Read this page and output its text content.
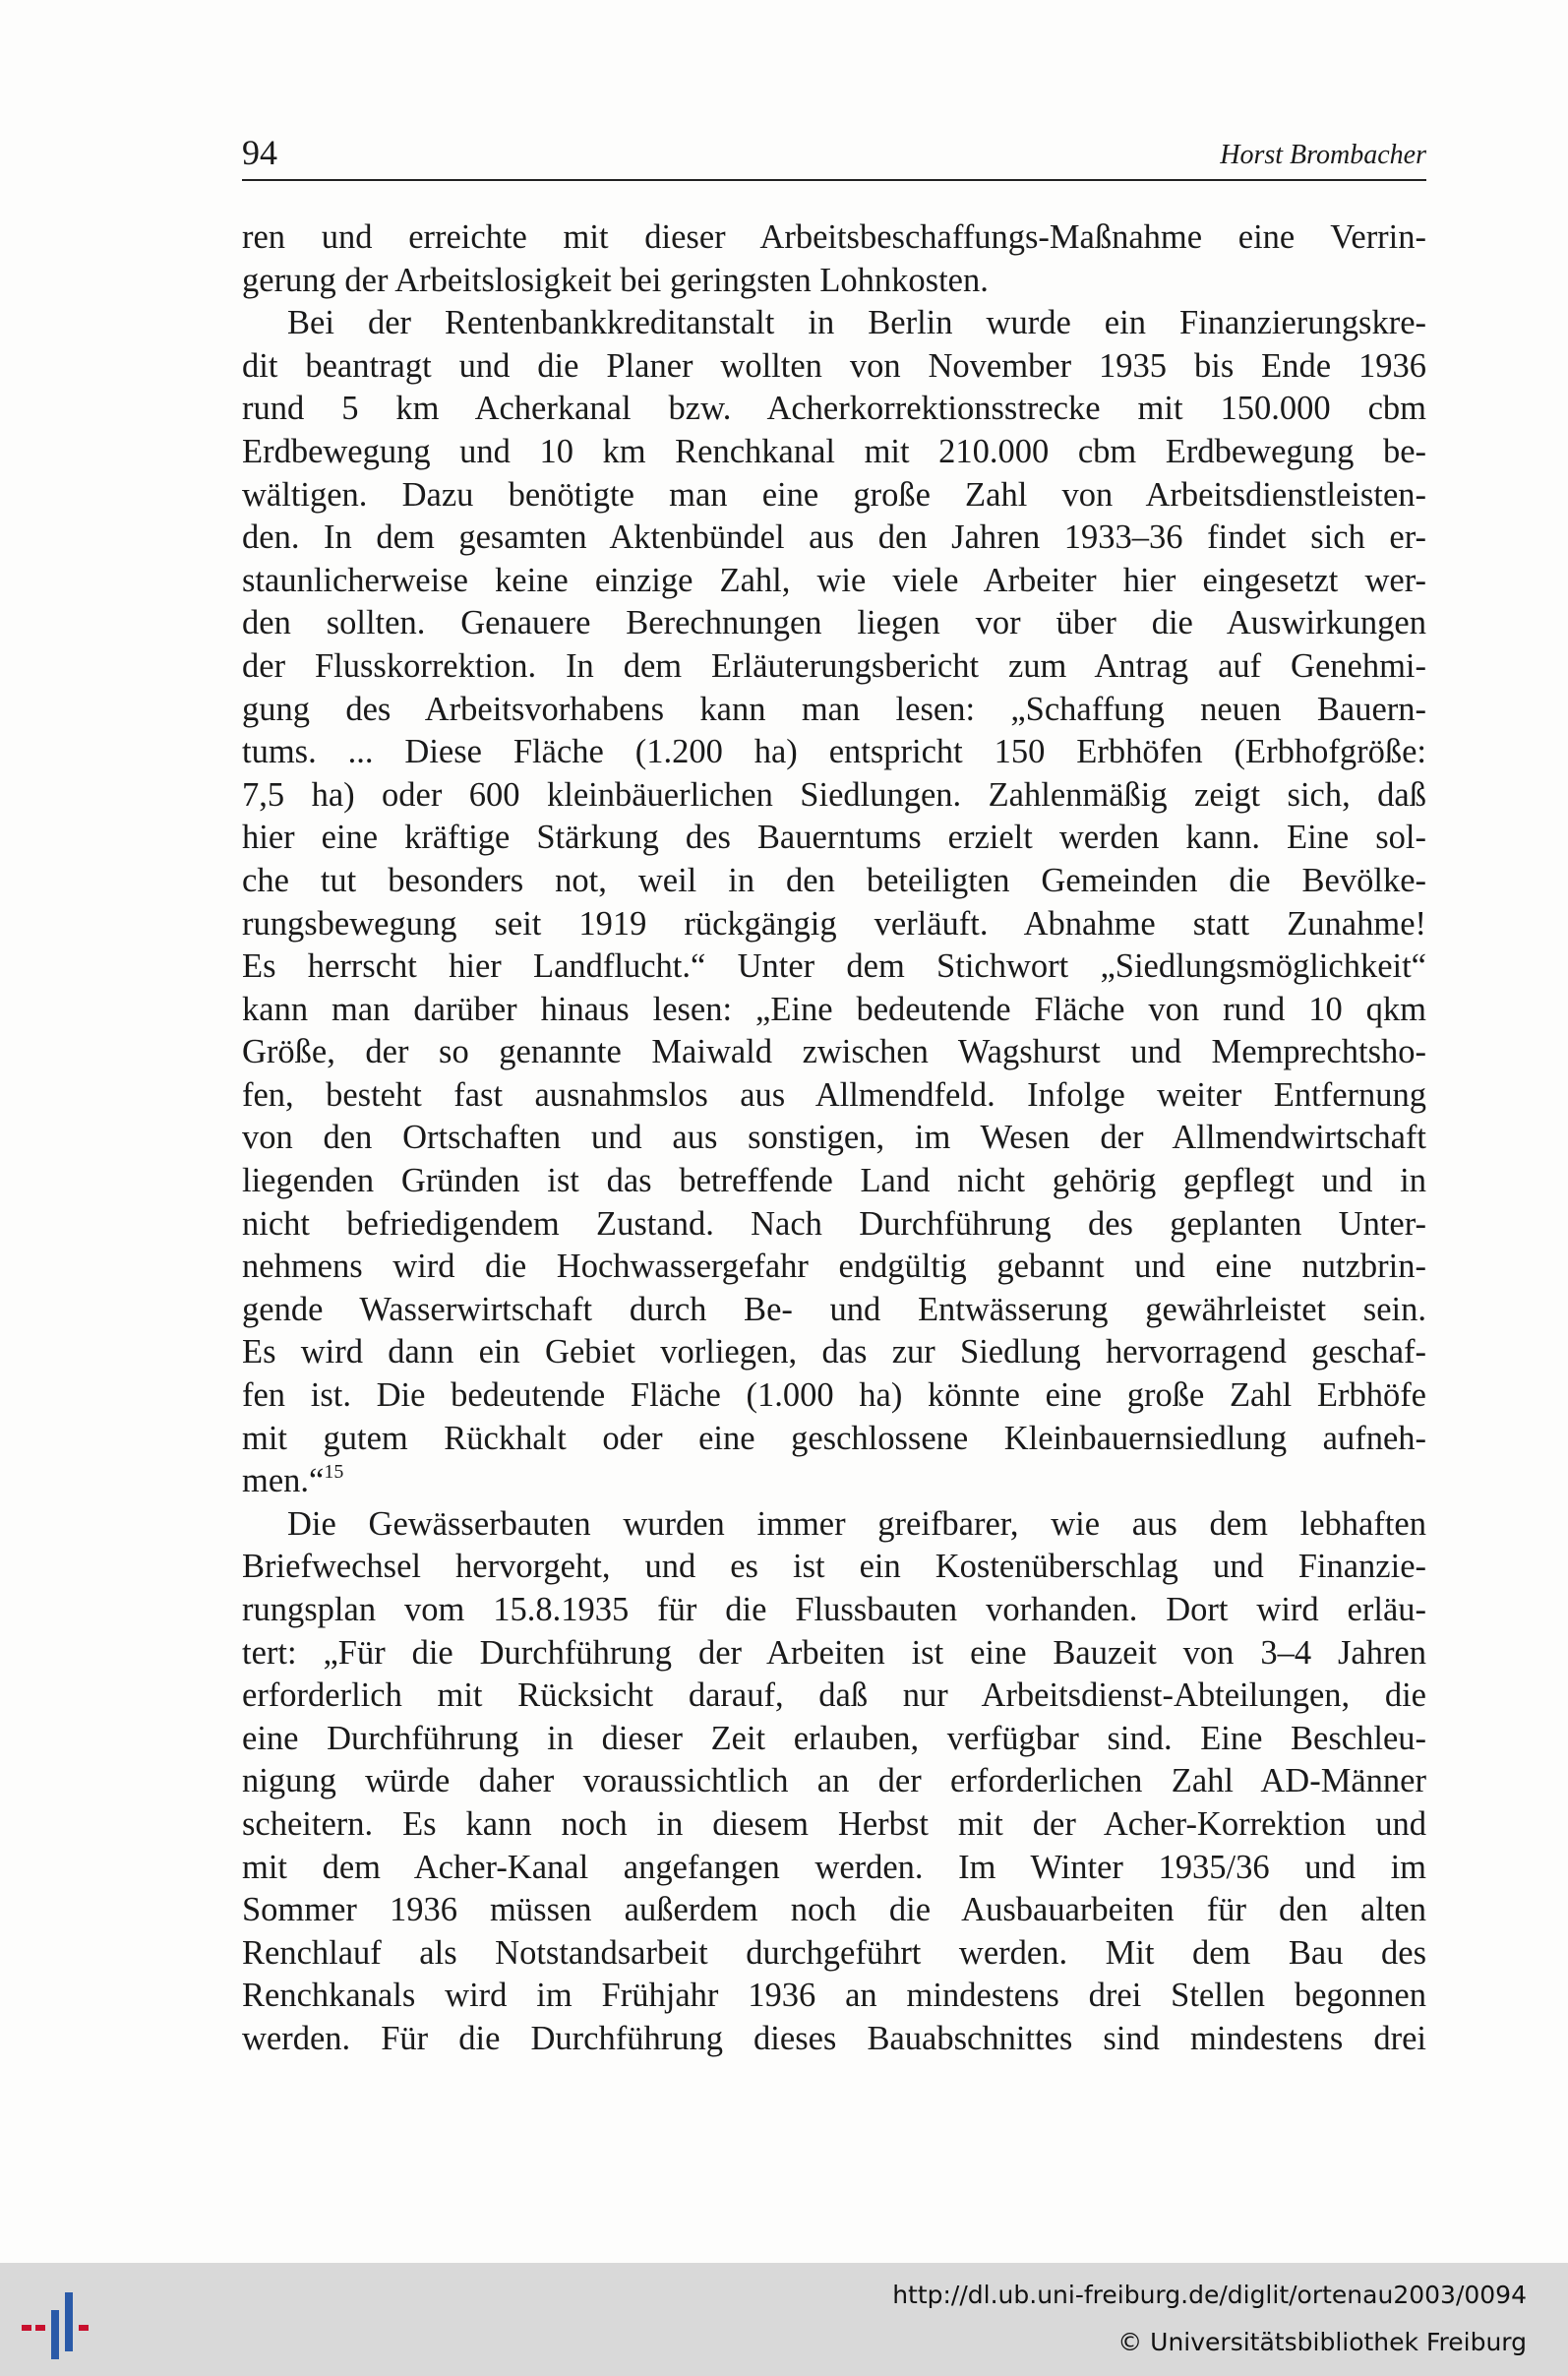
94	Horst Brombacher
ren und erreichte mit dieser Arbeitsbeschaffungs-Maßnahme eine Verrin-
gerung der Arbeitslosigkeit bei geringsten Lohnkosten.
Bei der Rentenbankkreditanstalt in Berlin wurde ein Finanzierungskre-
dit beantragt und die Planer wollten von November 1935 bis Ende 1936
rund 5 km Acherkanal bzw. Acherkorrektionsstrecke mit 150.000 cbm
Erdbewegung und 10 km Renchkanal mit 210.000 cbm Erdbewegung be-
wältigen. Dazu benötigte man eine große Zahl von Arbeitsdienstleisten-
den. In dem gesamten Aktenbündel aus den Jahren 1933–36 findet sich er-
staunlicherweise keine einzige Zahl, wie viele Arbeiter hier eingesetzt wer-
den sollten. Genauere Berechnungen liegen vor über die Auswirkungen
der Flusskorrektion. In dem Erläuterungsbericht zum Antrag auf Genehmi-
gung des Arbeitsvorhabens kann man lesen: „Schaffung neuen Bauern-
tums. ... Diese Fläche (1.200 ha) entspricht 150 Erbhöfen (Erbhofgröße:
7,5 ha) oder 600 kleinbäuerlichen Siedlungen. Zahlenmäßig zeigt sich, daß
hier eine kräftige Stärkung des Bauerntums erzielt werden kann. Eine sol-
che tut besonders not, weil in den beteiligten Gemeinden die Bevölke-
rungsbewegung seit 1919 rückgängig verläuft. Abnahme statt Zunahme!
Es herrscht hier Landflucht.“ Unter dem Stichwort „Siedlungsmöglichkeit“
kann man darüber hinaus lesen: „Eine bedeutende Fläche von rund 10 qkm
Größe, der so genannte Maiwald zwischen Wagshurst und Memprechtsho-
fen, besteht fast ausnahmslos aus Allmendfeld. Infolge weiter Entfernung
von den Ortschaften und aus sonstigen, im Wesen der Allmendwirtschaft
liegenden Gründen ist das betreffende Land nicht gehörig gepflegt und in
nicht befriedigendem Zustand. Nach Durchführung des geplanten Unter-
nehmens wird die Hochwassergefahr endgültig gebannt und eine nutzbrin-
gende Wasserwirtschaft durch Be- und Entwässerung gewährleistet sein.
Es wird dann ein Gebiet vorliegen, das zur Siedlung hervorragend geschaf-
fen ist. Die bedeutende Fläche (1.000 ha) könnte eine große Zahl Erbhöfe
mit gutem Rückhalt oder eine geschlossene Kleinbauernsiedlung aufneh-
men.“$^{15}$
Die Gewässerbauten wurden immer greifbarer, wie aus dem lebhaften
Briefwechsel hervorgeht, und es ist ein Kostenüberschlag und Finanzie-
rungsplan vom 15.8.1935 für die Flussbauten vorhanden. Dort wird erläu-
tert: „Für die Durchführung der Arbeiten ist eine Bauzeit von 3–4 Jahren
erforderlich mit Rücksicht darauf, daß nur Arbeitsdienst-Abteilungen, die
eine Durchführung in dieser Zeit erlauben, verfügbar sind. Eine Beschleu-
nigung würde daher voraussichtlich an der erforderlichen Zahl AD-Männer
scheitern. Es kann noch in diesem Herbst mit der Acher-Korrektion und
mit dem Acher-Kanal angefangen werden. Im Winter 1935/36 und im
Sommer 1936 müssen außerdem noch die Ausbauarbeiten für den alten
Renchlauf als Notstandsarbeit durchgeführt werden. Mit dem Bau des
Renchkanals wird im Frühjahr 1936 an mindestens drei Stellen begonnen
werden. Für die Durchführung dieses Bauabschnittes sind mindestens drei
http://dl.ub.uni-freiburg.de/diglit/ortenau2003/0094
© Universitätsbibliothek Freiburg
